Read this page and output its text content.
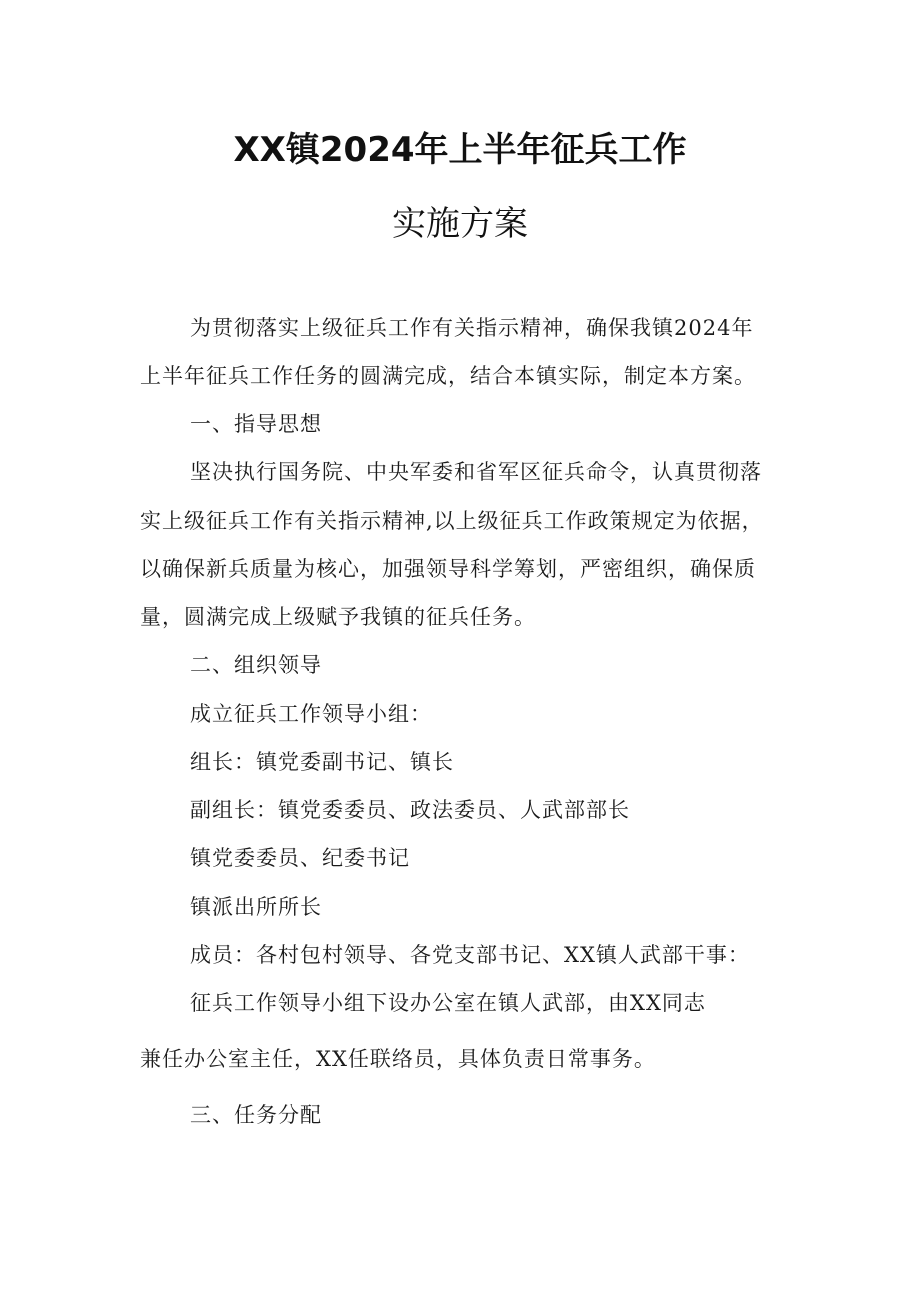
XX镇2024年上半年征兵工作
实施方案

为贯彻落实上级征兵工作有关指示精神，确保我镇2024年

上半年征兵工作任务的圆满完成，结合本镇实际，制定本方案。

一、指导思想

坚决执行国务院、中央军委和省军区征兵命令，认真贯彻落

实上级征兵工作有关指示精神,以上级征兵工作政策规定为依据，

以确保新兵质量为核心，加强领导科学筹划，严密组织，确保质

量，圆满完成上级赋予我镇的征兵任务。

二、组织领导

成立征兵工作领导小组：

组长：镇党委副书记、镇长

副组长：镇党委委员、政法委员、人武部部长

镇党委委员、纪委书记

镇派出所所长

成员：各村包村领导、各党支部书记、XX镇人武部干事：

征兵工作领导小组下设办公室在镇人武部，由XX同志

兼任办公室主任，XX任联络员，具体负责日常事务。

三、任务分配
